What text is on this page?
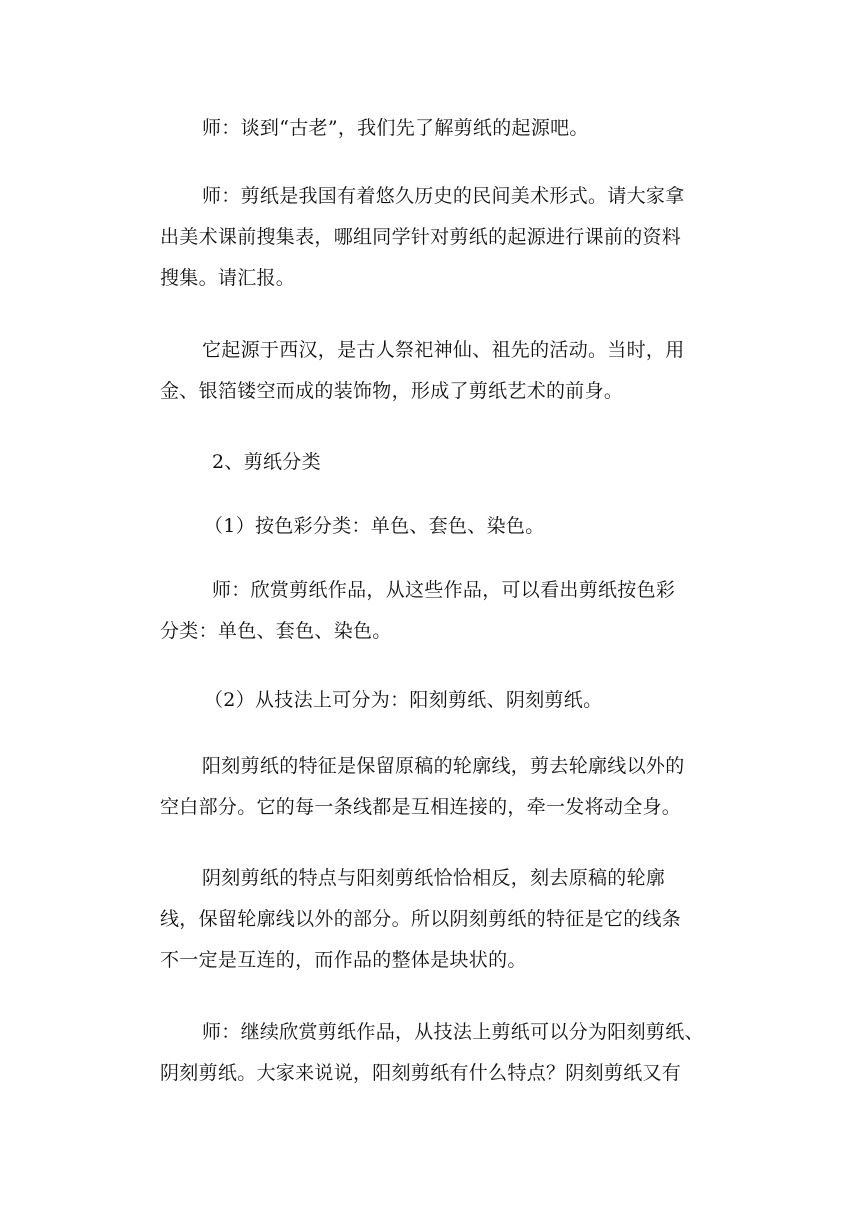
师：谈到“古老”，我们先了解剪纸的起源吧。

师：剪纸是我国有着悠久历史的民间美术形式。请大家拿
出美术课前搜集表，哪组同学针对剪纸的起源进行课前的资料
搜集。请汇报。

它起源于西汉，是古人祭祀神仙、祖先的活动。当时，用
金、银箔镂空而成的装饰物，形成了剪纸艺术的前身。

2、剪纸分类

（1）按色彩分类：单色、套色、染色。

师：欣赏剪纸作品，从这些作品，可以看出剪纸按色彩
分类：单色、套色、染色。

（2）从技法上可分为：阳刻剪纸、阴刻剪纸。

阳刻剪纸的特征是保留原稿的轮廓线，剪去轮廓线以外的
空白部分。它的每一条线都是互相连接的，牵一发将动全身。

阴刻剪纸的特点与阳刻剪纸恰恰相反，刻去原稿的轮廓
线，保留轮廓线以外的部分。所以阴刻剪纸的特征是它的线条
不一定是互连的，而作品的整体是块状的。

师：继续欣赏剪纸作品，从技法上剪纸可以分为阳刻剪纸、
阴刻剪纸。大家来说说，阳刻剪纸有什么特点？阴刻剪纸又有
